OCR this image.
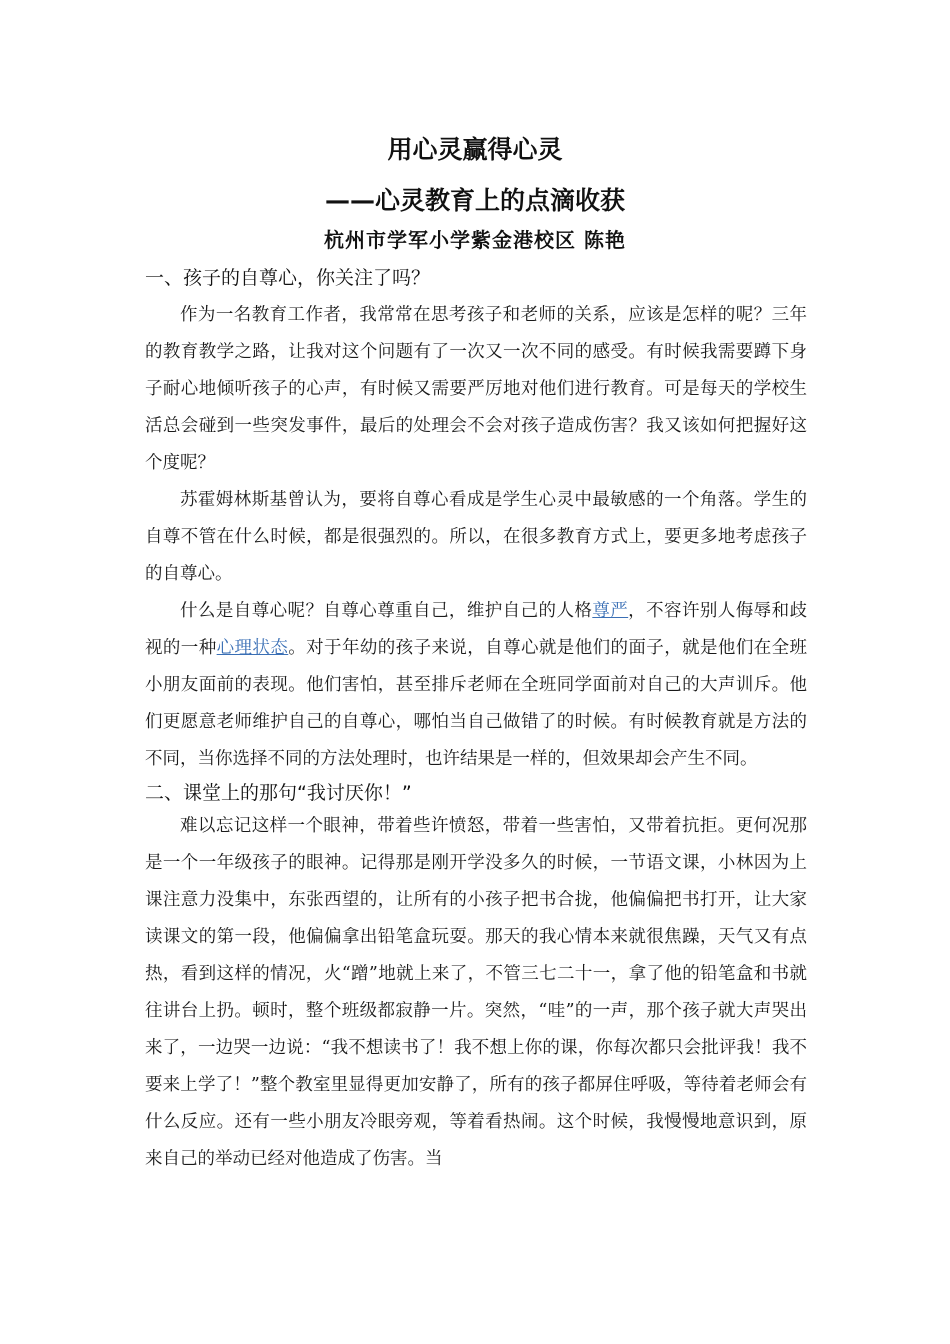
用心灵赢得心灵
——心灵教育上的点滴收获
杭州市学军小学紫金港校区 陈艳
一、孩子的自尊心，你关注了吗？

作为一名教育工作者，我常常在思考孩子和老师的关系，应该是怎样的呢？三年的教育教学之路，让我对这个问题有了一次又一次不同的感受。有时候我需要蹲下身子耐心地倾听孩子的心声，有时候又需要严厉地对他们进行教育。可是每天的学校生活总会碰到一些突发事件，最后的处理会不会对孩子造成伤害？我又该如何把握好这个度呢？

苏霍姆林斯基曾认为，要将自尊心看成是学生心灵中最敏感的一个角落。学生的自尊不管在什么时候，都是很强烈的。所以，在很多教育方式上，要更多地考虑孩子的自尊心。

什么是自尊心呢？自尊心尊重自己，维护自己的人格尊严，不容许别人侮辱和歧视的一种心理状态。对于年幼的孩子来说，自尊心就是他们的面子，就是他们在全班小朋友面前的表现。他们害怕，甚至排斥老师在全班同学面前对自己的大声训斥。他们更愿意老师维护自己的自尊心，哪怕当自己做错了的时候。有时候教育就是方法的不同，当你选择不同的方法处理时，也许结果是一样的，但效果却会产生不同。

二、课堂上的那句“我讨厌你！”

难以忘记这样一个眼神，带着些许愤怒，带着一些害怕，又带着抗拒。更何况那是一个一年级孩子的眼神。记得那是刚开学没多久的时候，一节语文课，小林因为上课注意力没集中，东张西望的，让所有的小孩子把书合拢，他偏偏把书打开，让大家读课文的第一段，他偏偏拿出铅笔盒玩耍。那天的我心情本来就很焦躁，天气又有点热，看到这样的情况，火“蹭”地就上来了，不管三七二十一，拿了他的铅笔盒和书就往讲台上扔。顿时，整个班级都寂静一片。突然，“哇”的一声，那个孩子就大声哭出来了，一边哭一边说：“我不想读书了！我不想上你的课，你每次都只会批评我！我不要来上学了！”整个教室里显得更加安静了，所有的孩子都屏住呼吸，等待着老师会有什么反应。还有一些小朋友冷眼旁观，等着看热闹。这个时候，我慢慢地意识到，原来自己的举动已经对他造成了伤害。当
